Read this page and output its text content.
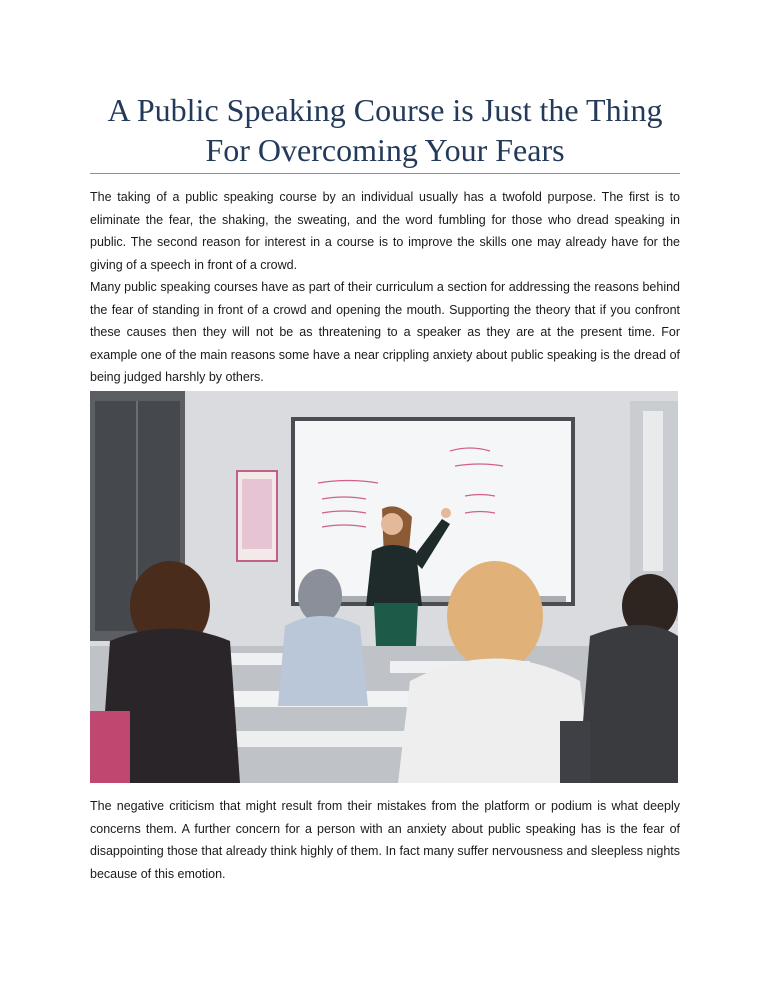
A Public Speaking Course is Just the Thing For Overcoming Your Fears

The taking of a public speaking course by an individual usually has a twofold purpose. The first is to eliminate the fear, the shaking, the sweating, and the word fumbling for those who dread speaking in public. The second reason for interest in a course is to improve the skills one may already have for the giving of a speech in front of a crowd.

Many public speaking courses have as part of their curriculum a section for addressing the reasons behind the fear of standing in front of a crowd and opening the mouth. Supporting the theory that if you confront these causes then they will not be as threatening to a speaker as they are at the present time. For example one of the main reasons some have a near crippling anxiety about public speaking is the dread of being judged harshly by others.

The negative criticism that might result from their mistakes from the platform or podium is what deeply concerns them. A further concern for a person with an anxiety about public speaking has is the fear of disappointing those that already think highly of them. In fact many suffer nervousness and sleepless nights because of this emotion.
